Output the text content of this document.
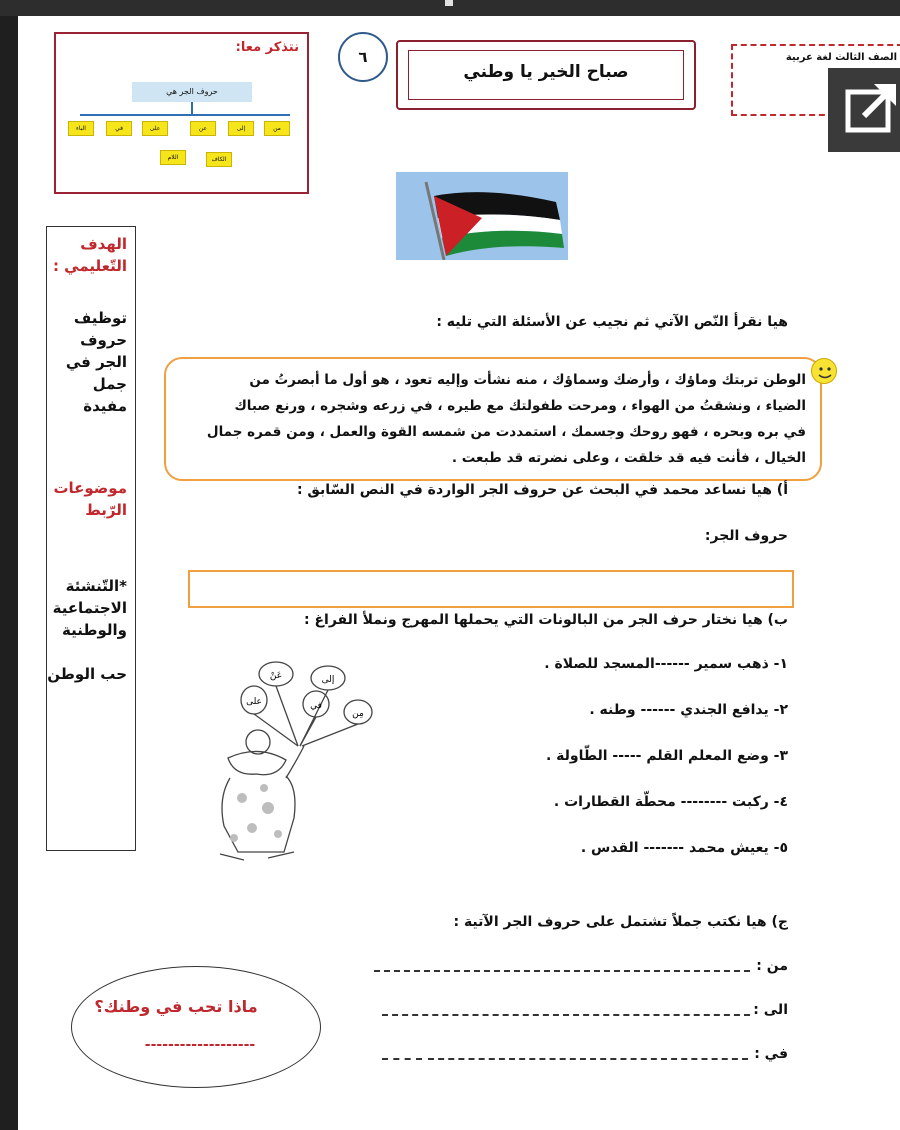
نتذكر معا:
حروف الجر هي
من
إلى
عن
على
في
الباء
الكاف
اللام
٦
صباح الخير يا وطني
الصف الثالث لغة عربية
الهدف التّعليمي :
توظيف حروف الجر في جمل مفيدة
موضوعات الرّبط
*التّنشئة الاجتماعية والوطنية
حب الوطن
هيا نقرأ النّص الآتي ثم نجيب عن الأسئلة التي تليه :
الوطن تربتك وماؤك ، وأرضك وسماؤك ، منه نشأت وإليه تعود ، هو أول ما أبصرتُ من
الضياء ، ونشقتُ من الهواء ، ومرحت طفولتك مع طيره ، في زرعه وشجره ، ورنع صباك
في بره وبحره ، فهو روحك وجسمك ، استمددت من شمسه القوة والعمل ، ومن قمره جمال
الخيال ، فأنت فيه قد خلقت ، وعلى نضرته قد طبعت .
أ) هيا نساعد محمد في البحث عن حروف الجر الواردة في النص السّابق :
حروف الجر:
ب) هيا نختار حرف الجر من البالونات التي يحملها المهرج ونملأ الفراغ :
١- ذهب سمير ------المسجد للصلاة .
٢- يدافع الجندي ------ وطنه .
٣- وضع المعلم القلم ----- الطّاولة .
٤- ركبت -------- محطّة القطارات .
٥- يعيش محمد ------- القدس .
عَنْ	إلى
على	في
مِن
ج) هيا نكتب جملاً تشتمل على حروف الجر الآتية :
من :
الى :
في :
ماذا تحب في وطنك؟
-------------------
